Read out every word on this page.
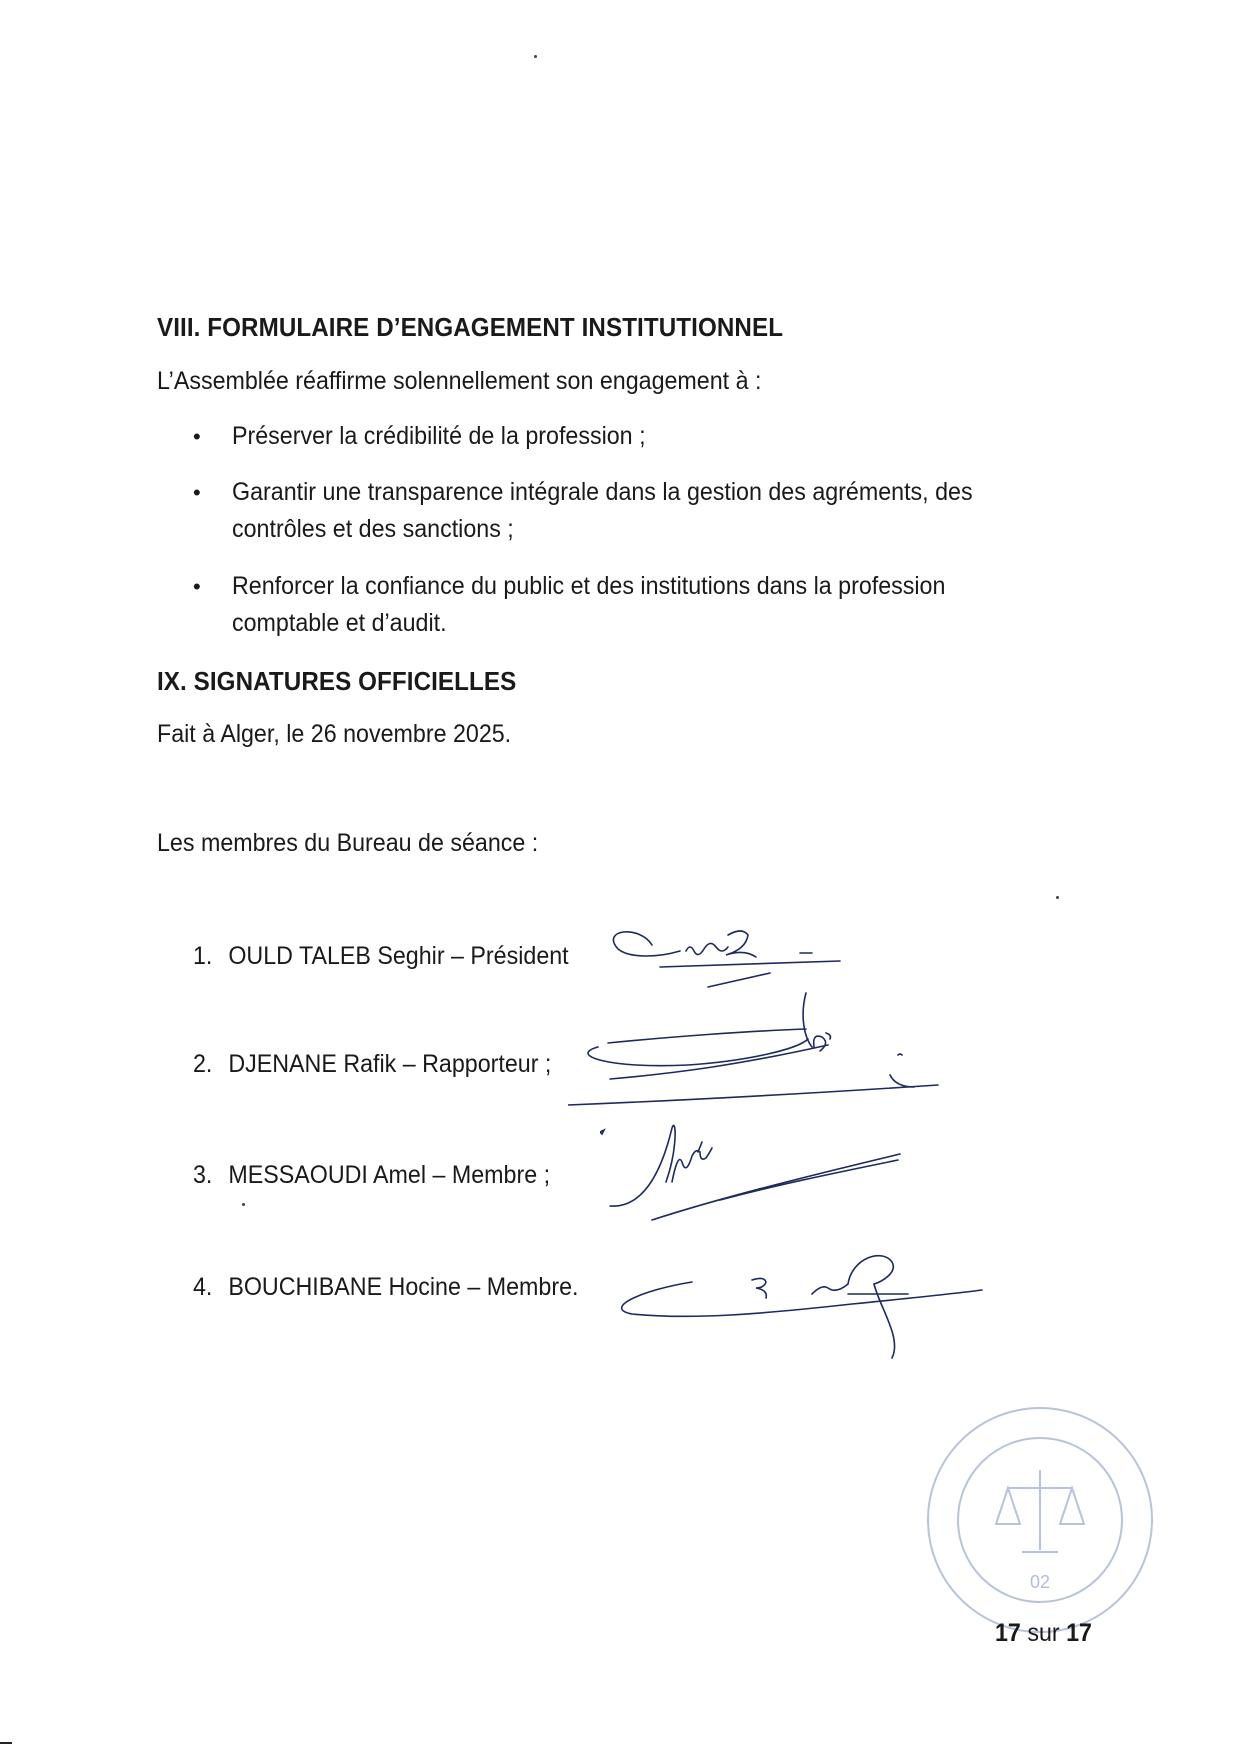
VIII. FORMULAIRE D’ENGAGEMENT INSTITUTIONNEL

L’Assemblée réaffirme solennellement son engagement à :

• Préserver la crédibilité de la profession ;
• Garantir une transparence intégrale dans la gestion des agréments, des contrôles et des sanctions ;
• Renforcer la confiance du public et des institutions dans la profession comptable et d’audit.
IX. SIGNATURES OFFICIELLES

Fait à Alger, le 26 novembre 2025.

Les membres du Bureau de séance :

1. OULD TALEB Seghir – Président
2. DJENANE Rafik – Rapporteur ;
3. MESSAOUDI Amel – Membre ;
4. BOUCHIBANE Hocine – Membre.
02
17 sur 17
